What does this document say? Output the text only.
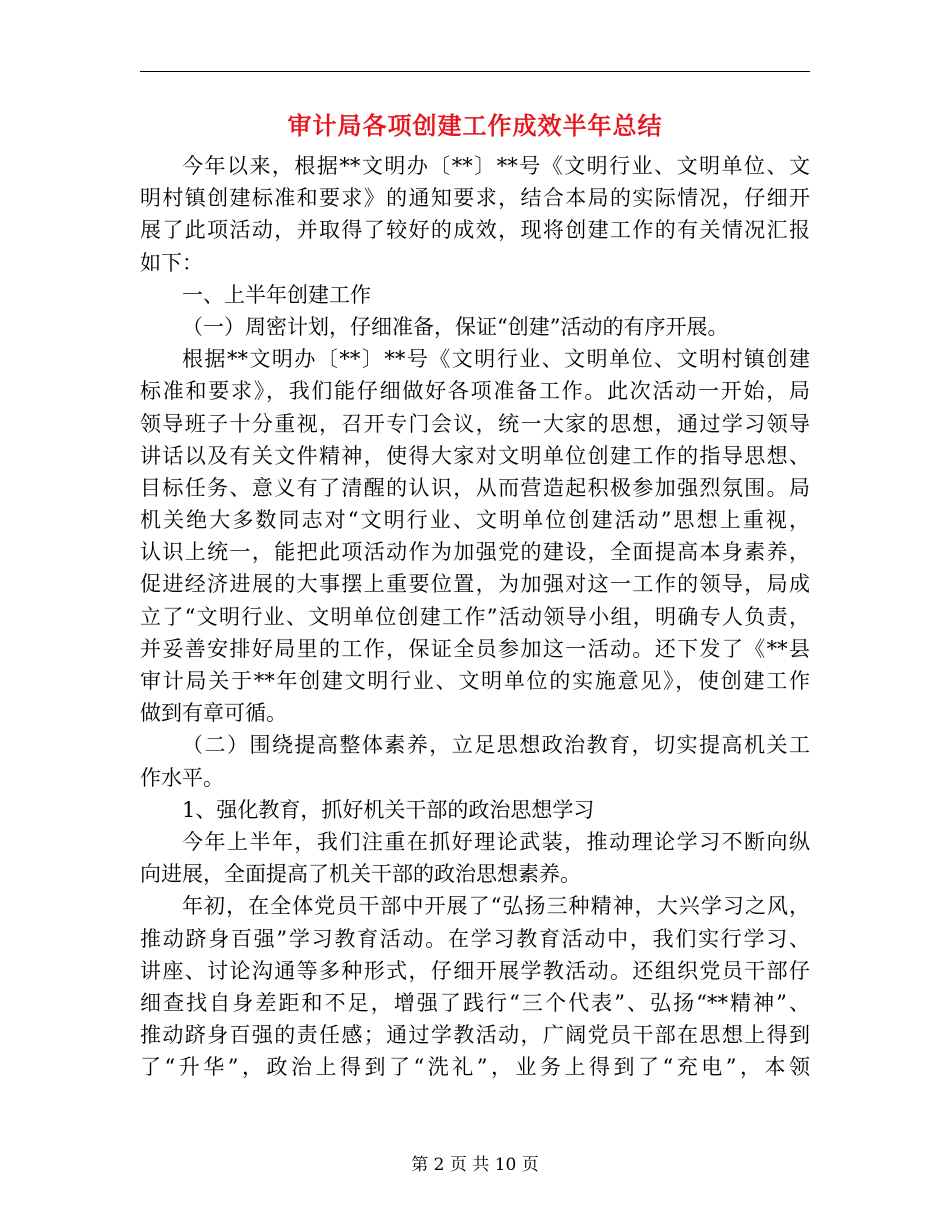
审计局各项创建工作成效半年总结
今年以来，根据**文明办〔**〕**号《文明行业、文明单位、文
明村镇创建标准和要求》的通知要求，结合本局的实际情况，仔细开
展了此项活动，并取得了较好的成效，现将创建工作的有关情况汇报
如下：
一、上半年创建工作
（一）周密计划，仔细准备，保证“创建”活动的有序开展。
根据**文明办〔**〕**号《文明行业、文明单位、文明村镇创建
标准和要求》，我们能仔细做好各项准备工作。此次活动一开始，局
领导班子十分重视，召开专门会议，统一大家的思想，通过学习领导
讲话以及有关文件精神，使得大家对文明单位创建工作的指导思想、
目标任务、意义有了清醒的认识，从而营造起积极参加强烈氛围。局
机关绝大多数同志对“文明行业、文明单位创建活动”思想上重视，
认识上统一，能把此项活动作为加强党的建设，全面提高本身素养，
促进经济进展的大事摆上重要位置，为加强对这一工作的领导，局成
立了“文明行业、文明单位创建工作”活动领导小组，明确专人负责，
并妥善安排好局里的工作，保证全员参加这一活动。还下发了《**县
审计局关于**年创建文明行业、文明单位的实施意见》，使创建工作
做到有章可循。
（二）围绕提高整体素养，立足思想政治教育，切实提高机关工
作水平。
1、强化教育，抓好机关干部的政治思想学习
今年上半年，我们注重在抓好理论武装，推动理论学习不断向纵
向进展，全面提高了机关干部的政治思想素养。
年初，在全体党员干部中开展了“弘扬三种精神，大兴学习之风，
推动跻身百强”学习教育活动。在学习教育活动中，我们实行学习、
讲座、讨论沟通等多种形式，仔细开展学教活动。还组织党员干部仔
细查找自身差距和不足，增强了践行“三个代表”、弘扬“**精神”、
推动跻身百强的责任感；通过学教活动，广阔党员干部在思想上得到
了“升华”，政治上得到了“洗礼”，业务上得到了“充电”，本领
第 2 页 共 10 页
